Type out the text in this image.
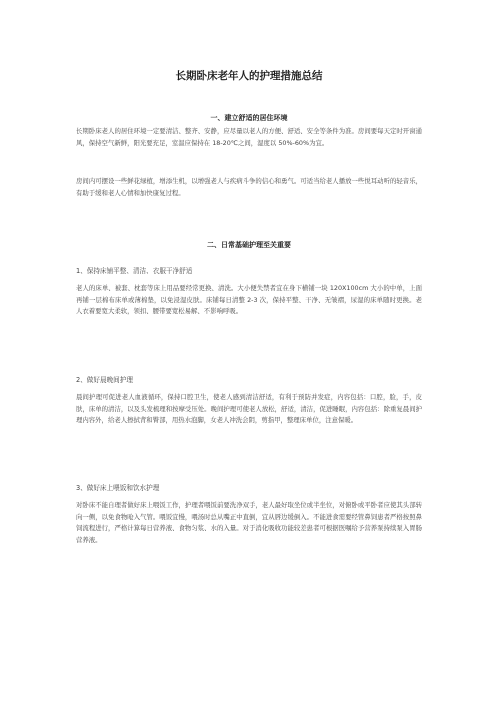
长期卧床老年人的护理措施总结
一、建立舒适的居住环境

长期卧床老人的居住环境一定要清洁、整齐、安静，应尽量以老人的方便、舒适、安全等条件为准。房间要每天定时开窗通风，保持空气新鲜，阳光要充足，室温应保持在 18-20℃之间，湿度以 50%-60%为宜。

房间内可摆设一些鲜花绿植，增添生机，以增强老人与疾病斗争的信心和勇气。可适当给老人播放一些悦耳动听的轻音乐，有助于缓和老人心情和加快康复过程。

二、日常基础护理至关重要

1、保持床铺平整、清洁、衣服干净舒适

老人的床单、被套、枕套等床上用品要经常更换、清洗。大小便失禁者宜在身下横铺一块 120X100cm 大小的中单，上面再铺一层棉布床单或薄棉垫，以免浸湿皮肤。床铺每日清整 2-3 次，保持平整、干净、无皱褶，尿湿的床单随时更换。老人衣着要宽大柔软，领扣、腰带要宽松易解、不影响呼吸。

2、做好晨晚间护理

晨间护理可促进老人血液循环，保持口腔卫生，使老人感到清洁舒适，有利于预防并发症，内容包括：口腔，脸，手，皮肤，床单的清洁，以及头发梳理和按摩受压处。晚间护理可使老人放松，舒适，清洁，促进睡眠，内容包括：除重复晨间护理内容外，给老人擦拭背和臀部，用热水泡脚，女老人冲洗会阴，剪指甲，整理床单位，注意保暖。

3、做好床上喂饭和饮水护理

对卧床不能自理者做好床上喂饭工作，护理者喂饭前要洗净双手，老人最好取坐位或半坐位，对俯卧或平卧者应使其头部转向一侧，以免食物呛入气管。喂饭宜慢，喂汤时总从嘴正中直倒，宜从唇边缓倒入。不能进食需要经管鼻饲患者严格按照鼻饲流程进行，严格计算每日营养液、食物匀浆、水的入量。对于消化吸收功能较差患者可根据医嘱给予营养泵持续泵入胃肠营养液。
